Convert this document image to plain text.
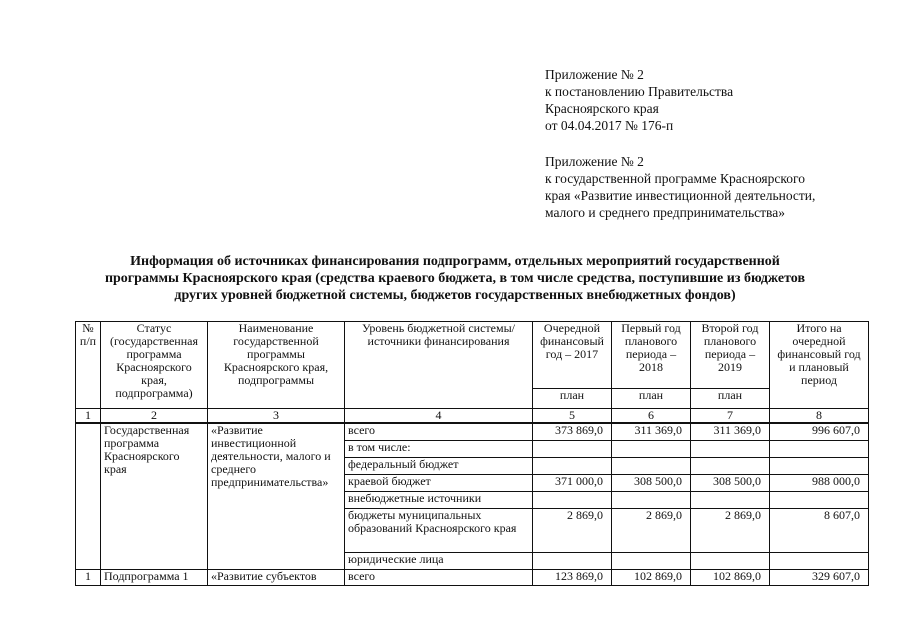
Приложение № 2
к постановлению Правительства
Красноярского края
от 04.04.2017 № 176-п
Приложение № 2
к государственной программе Красноярского
края «Развитие инвестиционной деятельности,
малого и среднего предпринимательства»
Информация об источниках финансирования подпрограмм, отдельных мероприятий государственной
программы Красноярского края (средства краевого бюджета, в том числе средства, поступившие из бюджетов
других уровней бюджетной системы, бюджетов государственных внебюджетных фондов)
№ п/п	Статус (государственная программа Красноярского края, подпрограмма)	Наименование государственной программы Красноярского края, подпрограммы	Уровень бюджетной системы/ источники финансирования	Очередной финансовый год – 2017	Первый год планового периода – 2018	Второй год планового периода – 2019	Итого на очередной финансовый год и плановый период
				план	план	план	
1	2	3	4	5	6	7	8
	Государственная программа Красноярского края	«Развитие инвестиционной деятельности, малого и среднего предпринимательства»	всего	373 869,0	311 369,0	311 369,0	996 607,0
			в том числе:				
			федеральный бюджет				
			краевой бюджет	371 000,0	308 500,0	308 500,0	988 000,0
			внебюджетные источники				
			бюджеты муниципальных образований Красноярского края	2 869,0	2 869,0	2 869,0	8 607,0
			юридические лица				
1	Подпрограмма 1	«Развитие субъектов	всего	123 869,0	102 869,0	102 869,0	329 607,0
